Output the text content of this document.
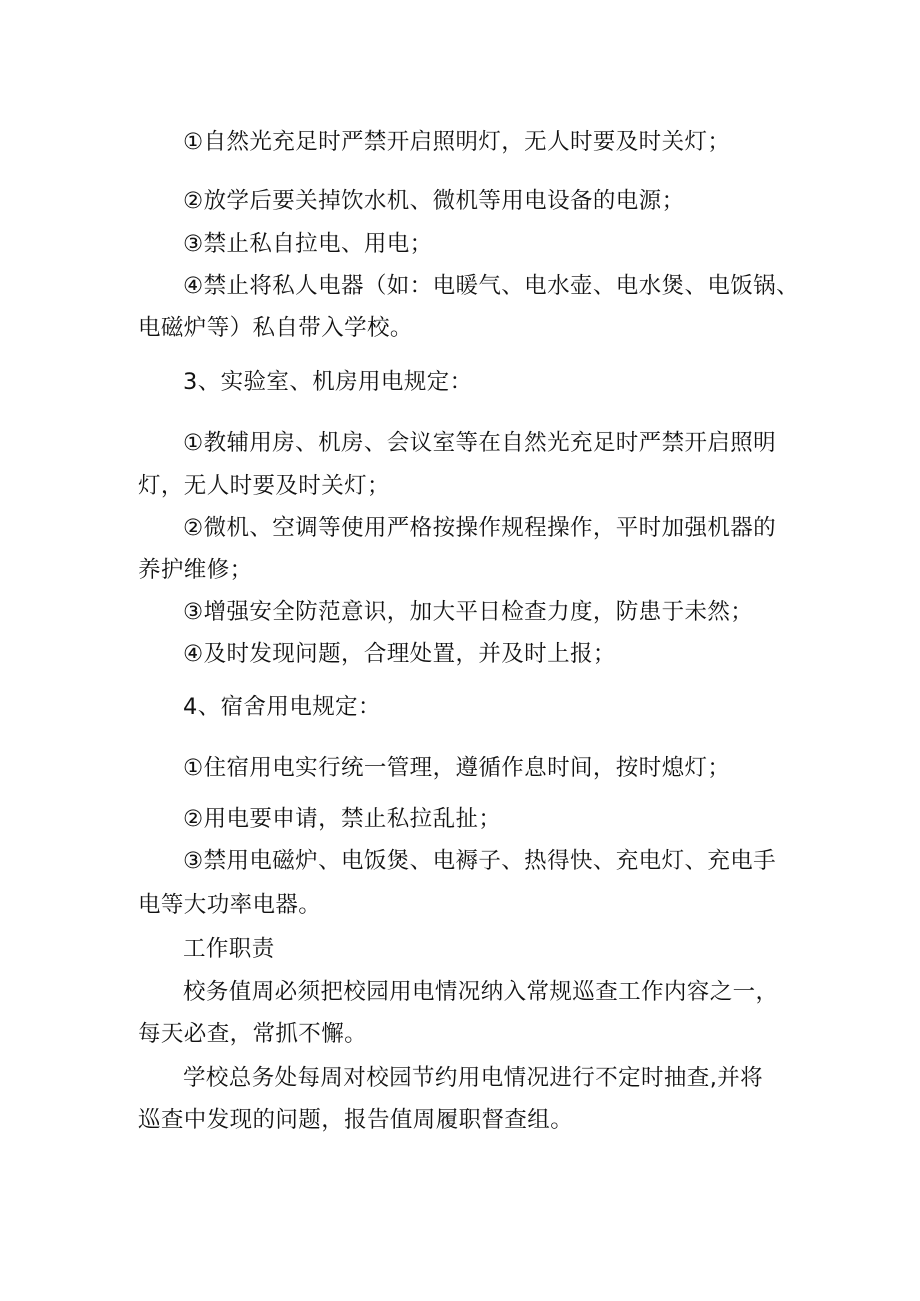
①自然光充足时严禁开启照明灯，无人时要及时关灯；
②放学后要关掉饮水机、微机等用电设备的电源；
③禁止私自拉电、用电；
④禁止将私人电器（如：电暖气、电水壶、电水煲、电饭锅、
电磁炉等）私自带入学校。
3、实验室、机房用电规定：
①教辅用房、机房、会议室等在自然光充足时严禁开启照明
灯，无人时要及时关灯；
②微机、空调等使用严格按操作规程操作，平时加强机器的
养护维修；
③增强安全防范意识，加大平日检查力度，防患于未然；
④及时发现问题，合理处置，并及时上报；
4、宿舍用电规定：
①住宿用电实行统一管理，遵循作息时间，按时熄灯；
②用电要申请，禁止私拉乱扯；
③禁用电磁炉、电饭煲、电褥子、热得快、充电灯、充电手
电等大功率电器。
工作职责
校务值周必须把校园用电情况纳入常规巡查工作内容之一，
每天必查，常抓不懈。
学校总务处每周对校园节约用电情况进行不定时抽查,并将
巡查中发现的问题，报告值周履职督查组。
